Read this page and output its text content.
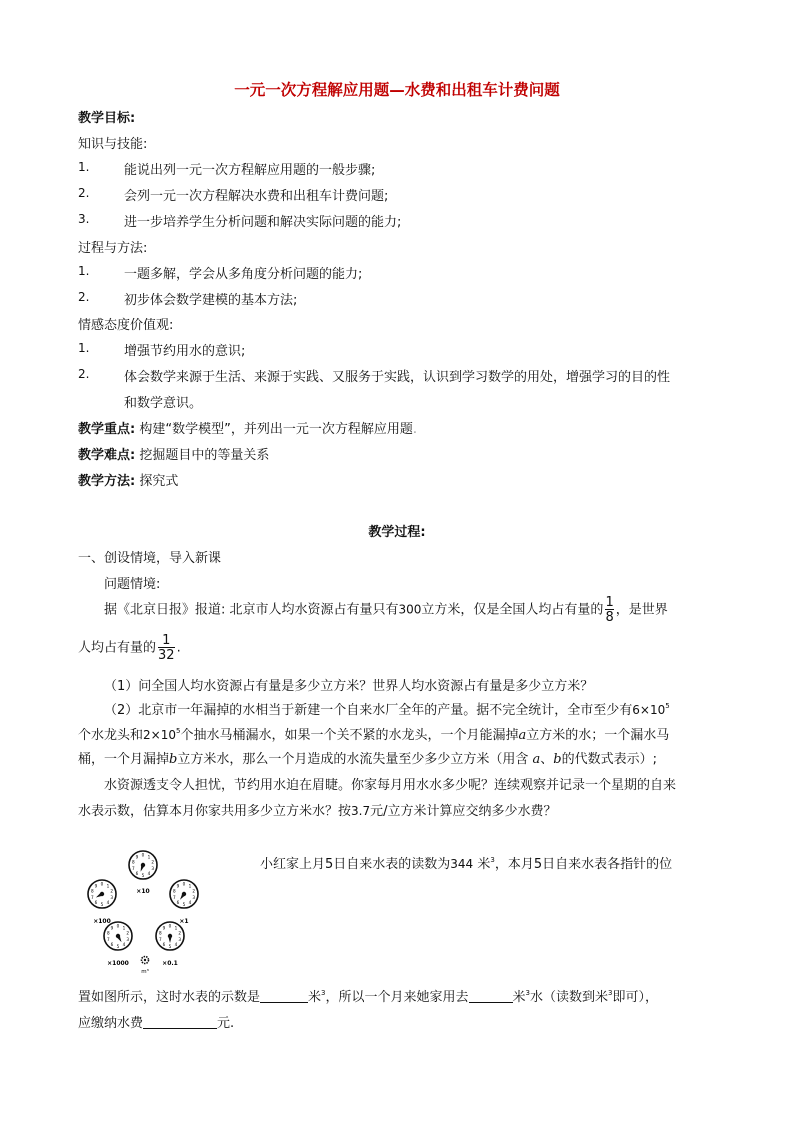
一元一次方程解应用题—水费和出租车计费问题
教学目标:
知识与技能:
1.	能说出列一元一次方程解应用题的一般步骤;
2.	会列一元一次方程解决水费和出租车计费问题;
3.	进一步培养学生分析问题和解决实际问题的能力;
过程与方法:
1.	一题多解，学会从多角度分析问题的能力;
2.	初步体会数学建模的基本方法;
情感态度价值观:
1.	增强节约用水的意识;
2.	体会数学来源于生活、来源于实践、又服务于实践，认识到学习数学的用处，增强学习的目的性
和数学意识。
教学重点: 构建“数学模型”，并列出一元一次方程解应用题.
教学难点: 挖掘题目中的等量关系
教学方法: 探究式
教学过程:
一、创设情境，导入新课
问题情境:
据《北京日报》报道: 北京市人均水资源占有量只有300立方米，仅是全国人均占有量的 $\frac{1}{8}$ ，是世界
人均占有量的 $\frac{1}{32}$ .
（1）问全国人均水资源占有量是多少立方米？世界人均水资源占有量是多少立方米？
（2）北京市一年漏掉的水相当于新建一个自来水厂全年的产量。据不完全统计，全市至少有$6\times 10^5$
个水龙头和$2\times 10^5$个抽水马桶漏水，如果一个关不紧的水龙头，一个月能漏掉a立方米的水；一个漏水马
桶，一个月漏掉b立方米水，那么一个月造成的水流失量至少多少立方米（用含 a、b的代数式表示）;
水资源透支令人担忧，节约用水迫在眉睫。你家每月用水水多少呢？连续观察并记录一个星期的自来
水表示数，估算本月你家共用多少立方米水？按3.7元/立方米计算应交纳多少水费？
0 1
2
3
4
5
6
7
8
9
×10
0 1
2
3
4
5
6
7
8
9
×100
0 1
2
3
4
5
6
7
8
9
×1
0 1
2
3
4
5
6
7
8
9
×1000
0 1
2
3
4
5
6
7
8
9
×0.1
m³
小红家上月5日自来水表的读数为344 米$^3$，本月5日自来水表各指针的位
置如图所示，这时水表的示数是	米$^3$，所以一个月来她家用去	米$^3$水（读数到米$^3$即可），
应缴纳水费	元.
